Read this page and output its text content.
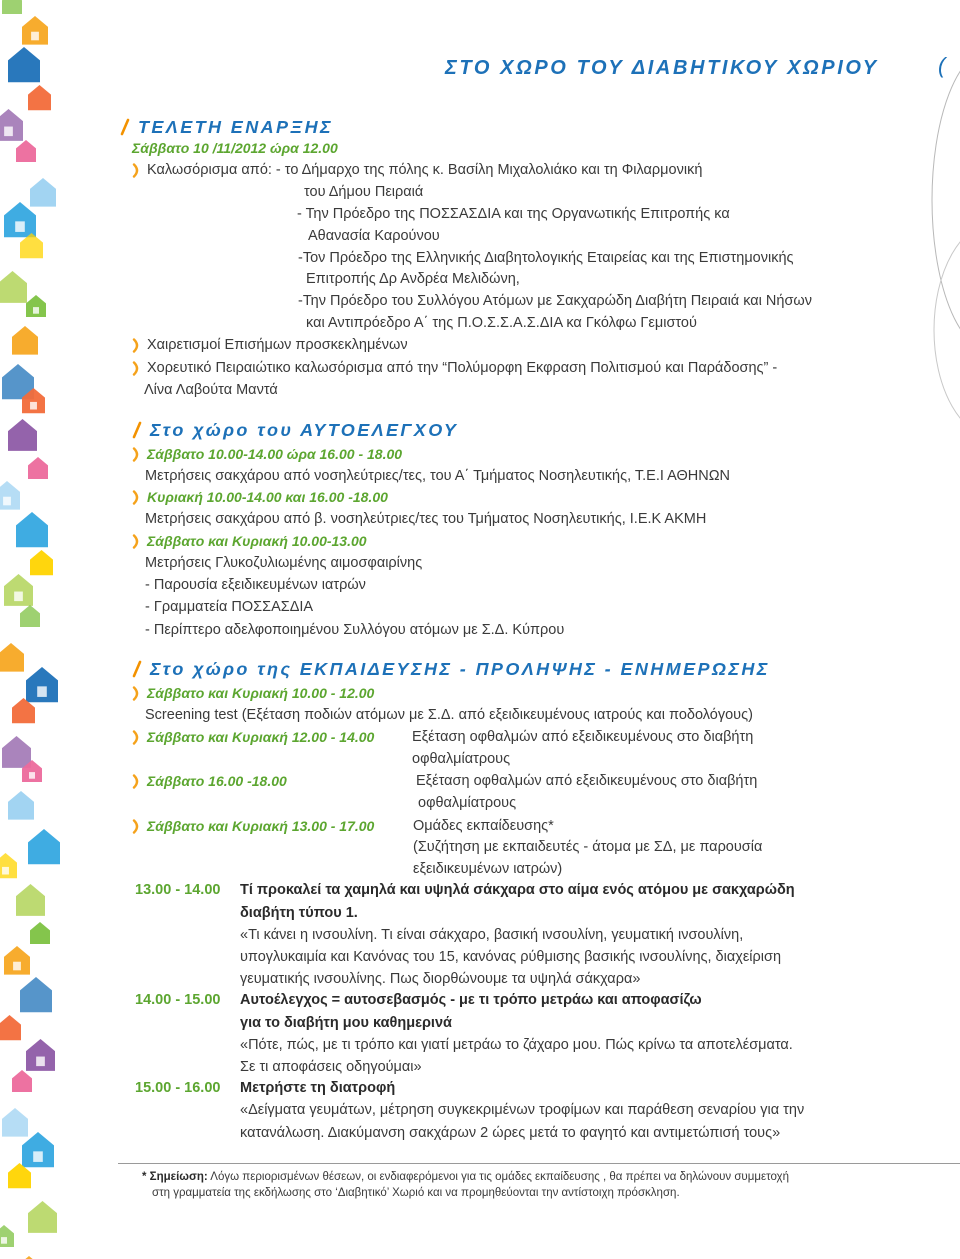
ΣΤΟ ΧΩΡΟ ΤΟΥ ΔΙΑΒΗΤΙΚΟΥ ΧΩΡΙΟΥ	(
ΤΕΛΕΤΗ ΕΝΑΡΞΗΣ
Σάββατο 10 /11/2012 ώρα 12.00
Καλωσόρισμα από: - το Δήμαρχο της πόλης κ. Βασίλη Μιχαλολιάκο και τη Φιλαρμονική
του Δήμου Πειραιά
- Την Πρόεδρο της ΠΟΣΣΑΣΔΙΑ και της Οργανωτικής Επιτροπής κα
Αθανασία Καρούνου
-Τον Πρόεδρο της Ελληνικής Διαβητολογικής Εταιρείας και της Επιστημονικής
Επιτροπής Δρ Ανδρέα Μελιδώνη,
-Την Πρόεδρο του Συλλόγου Ατόμων με Σακχαρώδη Διαβήτη Πειραιά και Νήσων
και Αντιπρόεδρο Α΄ της Π.Ο.Σ.Σ.Α.Σ.ΔΙΑ κα Γκόλφω Γεμιστού
Χαιρετισμοί Επισήμων προσκεκλημένων
Χορευτικό Πειραιώτικο καλωσόρισμα από την “Πολύμορφη Εκφραση Πολιτισμού και Παράδοσης” -
Λίνα Λαβούτα Μαντά
Στο χώρο του ΑΥΤΟΕΛΕΓΧΟΥ
Σάββατο 10.00-14.00 ώρα 16.00 - 18.00
Μετρήσεις σακχάρου από νοσηλεύτριες/τες, του Α΄ Τμήματος Νοσηλευτικής, Τ.Ε.Ι ΑΘΗΝΩΝ
Κυριακή 10.00-14.00 και 16.00 -18.00
Μετρήσεις σακχάρου από β. νοσηλεύτριες/τες του Τμήματος Νοσηλευτικής, Ι.Ε.Κ ΑΚΜΗ
Σάββατο και Κυριακή 10.00-13.00
Μετρήσεις Γλυκοζυλιωμένης αιμοσφαιρίνης
- Παρουσία εξειδικευμένων ιατρών
- Γραμματεία ΠΟΣΣΑΣΔΙΑ
- Περίπτερο αδελφοποιημένου Συλλόγου ατόμων με Σ.Δ. Κύπρου
Στο χώρο της ΕΚΠΑΙΔΕΥΣΗΣ - ΠΡΟΛΗΨΗΣ - ΕΝΗΜΕΡΩΣΗΣ
Σάββατο και Κυριακή 10.00 - 12.00
Screening test (Εξέταση ποδιών ατόμων με Σ.Δ. από εξειδικευμένους ιατρούς και ποδολόγους)
Σάββατο και Κυριακή 12.00 - 14.00	Εξέταση οφθαλμών από εξειδικευμένους στο διαβήτη
οφθαλμίατρους
Σάββατο 16.00 -18.00	Εξέταση οφθαλμών από εξειδικευμένους στο διαβήτη
οφθαλμίατρους
Σάββατο και Κυριακή 13.00 - 17.00	Ομάδες εκπαίδευσης*
(Συζήτηση με εκπαιδευτές - άτομα με ΣΔ, με παρουσία
εξειδικευμένων ιατρών)
13.00 - 14.00 Τί προκαλεί τα χαμηλά και υψηλά σάκχαρα στο αίμα ενός ατόμου με σακχαρώδη
διαβήτη τύπου 1.
«Τι κάνει η ινσουλίνη. Τι είναι σάκχαρο, βασική ινσουλίνη, γευματική ινσουλίνη,
υπογλυκαιμία και Κανόνας του 15, κανόνας ρύθμισης βασικής ινσουλίνης, διαχείριση
γευματικής ινσουλίνης. Πως διορθώνουμε τα υψηλά σάκχαρα»
14.00 - 15.00 Αυτοέλεγχος = αυτοσεβασμός - με τι τρόπο μετράω και αποφασίζω
για το διαβήτη μου καθημερινά
«Πότε, πώς, με τι τρόπο και γιατί μετράω το ζάχαρο μου. Πώς κρίνω τα αποτελέσματα.
Σε τι αποφάσεις οδηγούμαι»
15.00 - 16.00 Μετρήστε τη διατροφή
«Δείγματα γευμάτων, μέτρηση συγκεκριμένων τροφίμων και παράθεση σεναρίου για την
κατανάλωση. Διακύμανση σακχάρων 2 ώρες μετά το φαγητό και αντιμετώπισή τους»
* Σημείωση: Λόγω περιορισμένων θέσεων, οι ενδιαφερόμενοι για τις ομάδες εκπαίδευσης , θα πρέπει να δηλώνουν συμμετοχή
στη γραμματεία της εκδήλωσης στο ‘Διαβητικό’ Χωριό και να προμηθεύονται την αντίστοιχη πρόσκληση.
